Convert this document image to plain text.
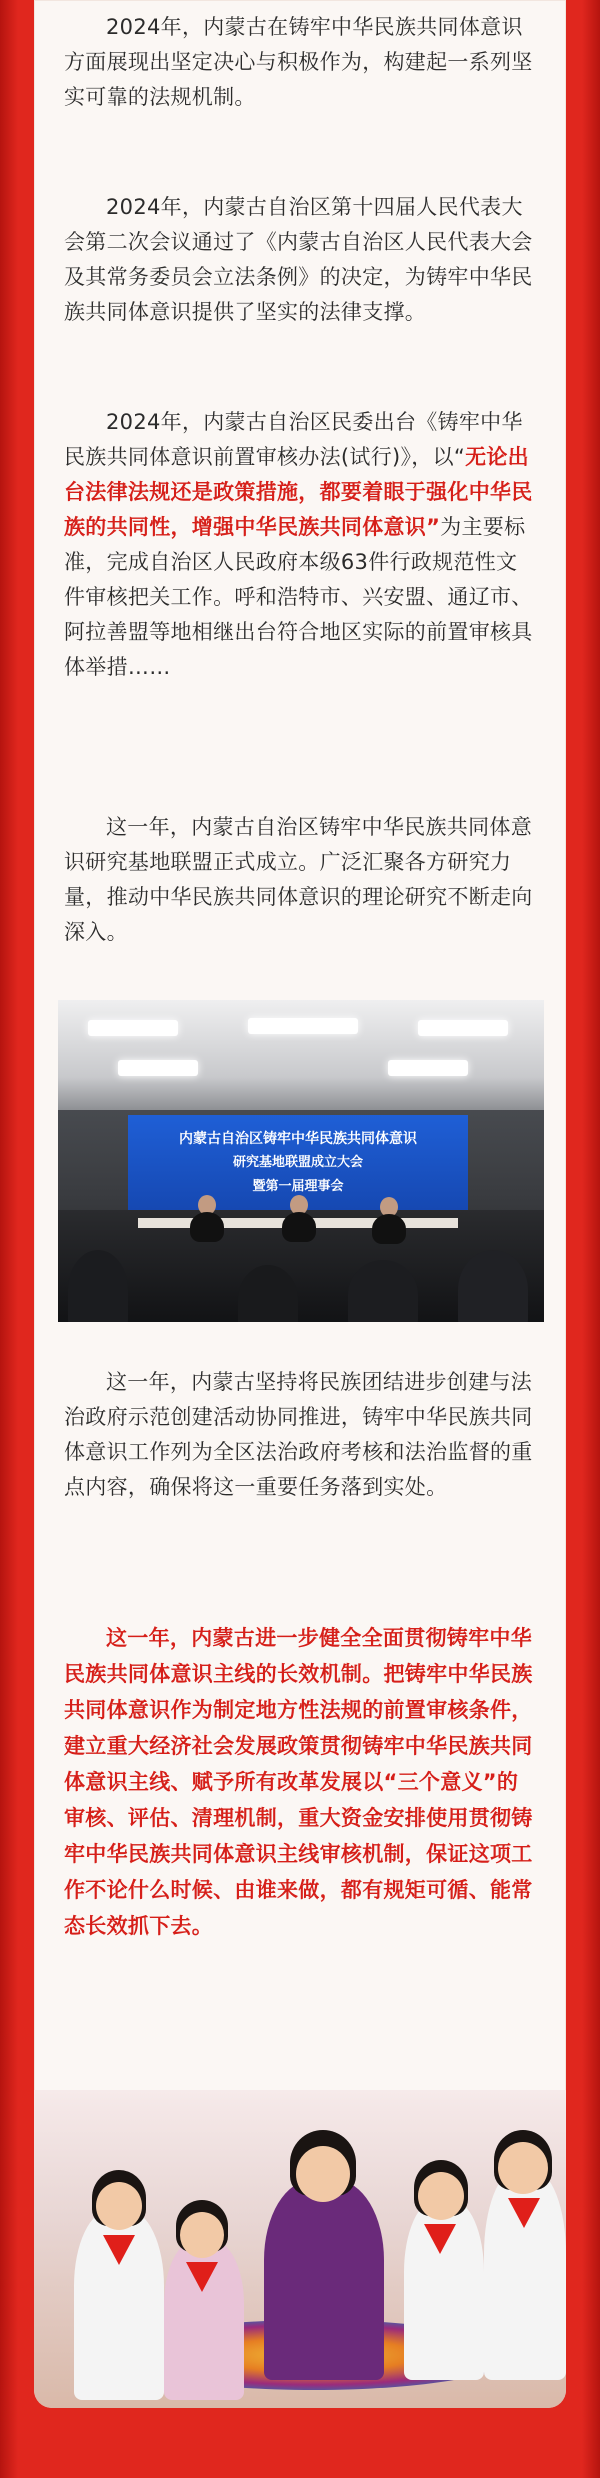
2024年，内蒙古在铸牢中华民族共同体意识方面展现出坚定决心与积极作为，构建起一系列坚实可靠的法规机制。

2024年，内蒙古自治区第十四届人民代表大会第二次会议通过了《内蒙古自治区人民代表大会及其常务委员会立法条例》的决定，为铸牢中华民族共同体意识提供了坚实的法律支撑。

2024年，内蒙古自治区民委出台《铸牢中华民族共同体意识前置审核办法(试行)》，以“无论出台法律法规还是政策措施，都要着眼于强化中华民族的共同性，增强中华民族共同体意识”为主要标准，完成自治区人民政府本级63件行政规范性文件审核把关工作。呼和浩特市、兴安盟、通辽市、阿拉善盟等地相继出台符合地区实际的前置审核具体举措……

这一年，内蒙古自治区铸牢中华民族共同体意识研究基地联盟正式成立。广泛汇聚各方研究力量，推动中华民族共同体意识的理论研究不断走向深入。

内蒙古自治区铸牢中华民族共同体意识
研究基地联盟成立大会
暨第一届理事会

这一年，内蒙古坚持将民族团结进步创建与法治政府示范创建活动协同推进，铸牢中华民族共同体意识工作列为全区法治政府考核和法治监督的重点内容，确保将这一重要任务落到实处。

这一年，内蒙古进一步健全全面贯彻铸牢中华民族共同体意识主线的长效机制。把铸牢中华民族共同体意识作为制定地方性法规的前置审核条件，建立重大经济社会发展政策贯彻铸牢中华民族共同体意识主线、赋予所有改革发展以“三个意义”的审核、评估、清理机制，重大资金安排使用贯彻铸牢中华民族共同体意识主线审核机制，保证这项工作不论什么时候、由谁来做，都有规矩可循、能常态长效抓下去。
